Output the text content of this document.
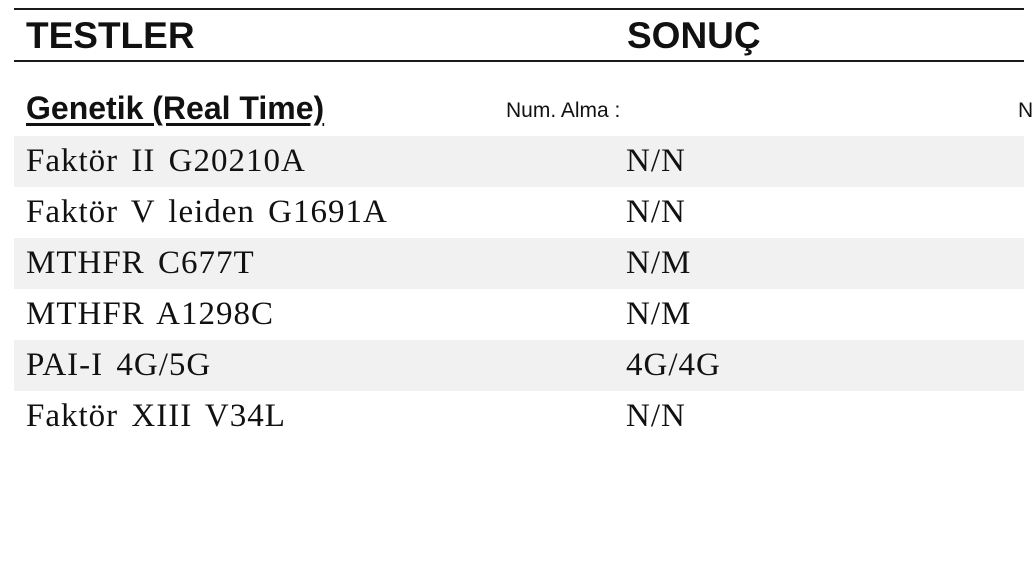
TESTLER	SONUÇ
Genetik (Real Time)	Num. Alma :	N
Faktör II G20210A	N/N
Faktör V leiden G1691A	N/N
MTHFR C677T	N/M
MTHFR A1298C	N/M
PAI-I 4G/5G	4G/4G
Faktör XIII V34L	N/N
